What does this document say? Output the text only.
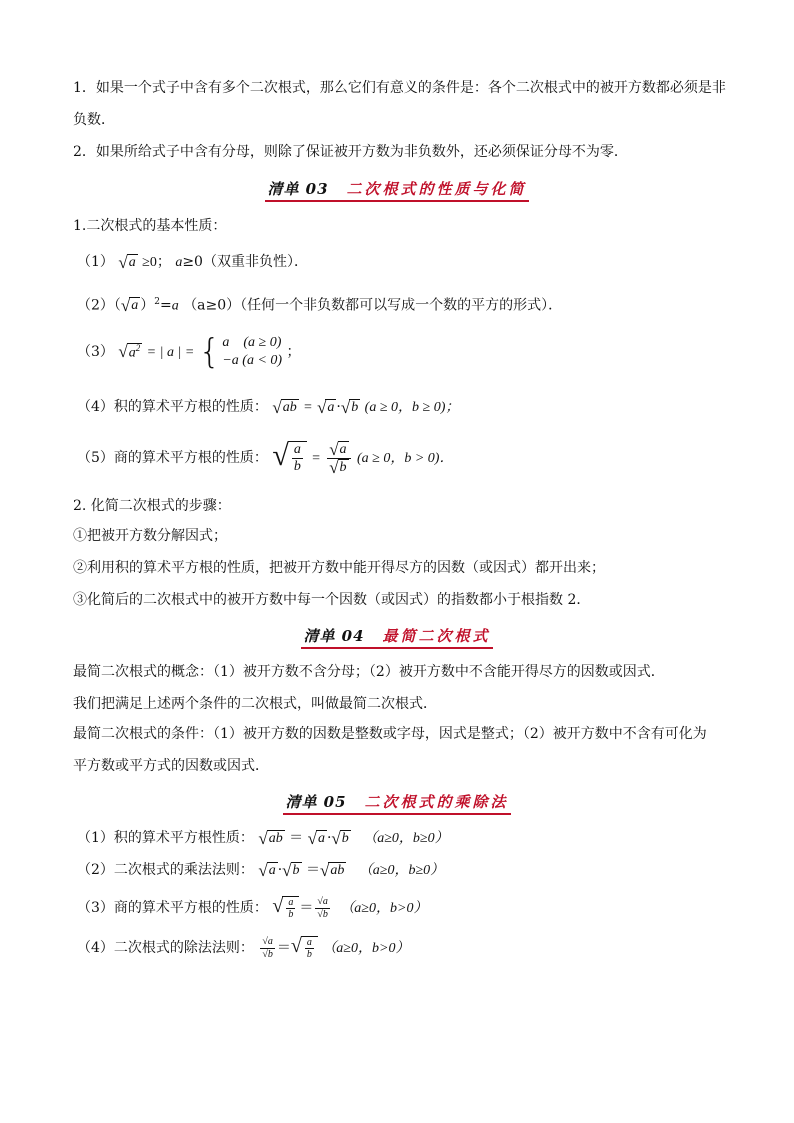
1．如果一个式子中含有多个二次根式，那么它们有意义的条件是：各个二次根式中的被开方数都必须是非
负数．
2．如果所给式子中含有分母，则除了保证被开方数为非负数外，还必须保证分母不为零．
清单 03 二次根式的性质与化简
1.二次根式的基本性质：
（1） √ a ≥0； a≥0（双重非负性）．
（2）（ √ a ）$^2$=a （a≥0）（任何一个非负数都可以写成一个数的平方的形式）．
（3） √ $a^2$ = | a | = { a　(a ≥ 0)
−a (a < 0)
；
（4）积的算术平方根的性质： √ ab = √ a · √ b (a ≥ 0，b ≥ 0)；
（5）商的算术平方根的性质： √ $\frac{a}{b} = \frac{√ a}{√ b} (a \ge 0$，b > 0)．
2. 化简二次根式的步骤：
①把被开方数分解因式；
②利用积的算术平方根的性质，把被开方数中能开得尽方的因数（或因式）都开出来；
③化简后的二次根式中的被开方数中每一个因数（或因式）的指数都小于根指数 2．
清单 04 最简二次根式
最简二次根式的概念：（1）被开方数不含分母；（2）被开方数中不含能开得尽方的因数或因式．
我们把满足上述两个条件的二次根式，叫做最简二次根式．
最简二次根式的条件：（1）被开方数的因数是整数或字母，因式是整式；（2）被开方数中不含有可化为
平方数或平方式的因数或因式．
清单 05 二次根式的乘除法
（1）积的算术平方根性质： √ ab ＝ √ a · √ b （a≥0，b≥0）
（2）二次根式的乘法法则： √ a · √ b ＝ √ ab （a≥0，b≥0）
（3）商的算术平方根的性质： √ $\frac{a}{b} = \frac{√a}{√b} (a\ge 0$，b>0）
（4）二次根式的除法法则： $\frac{√a}{√b}$ ＝ √ $\frac{a}{b} (a\ge 0$，b>0）
